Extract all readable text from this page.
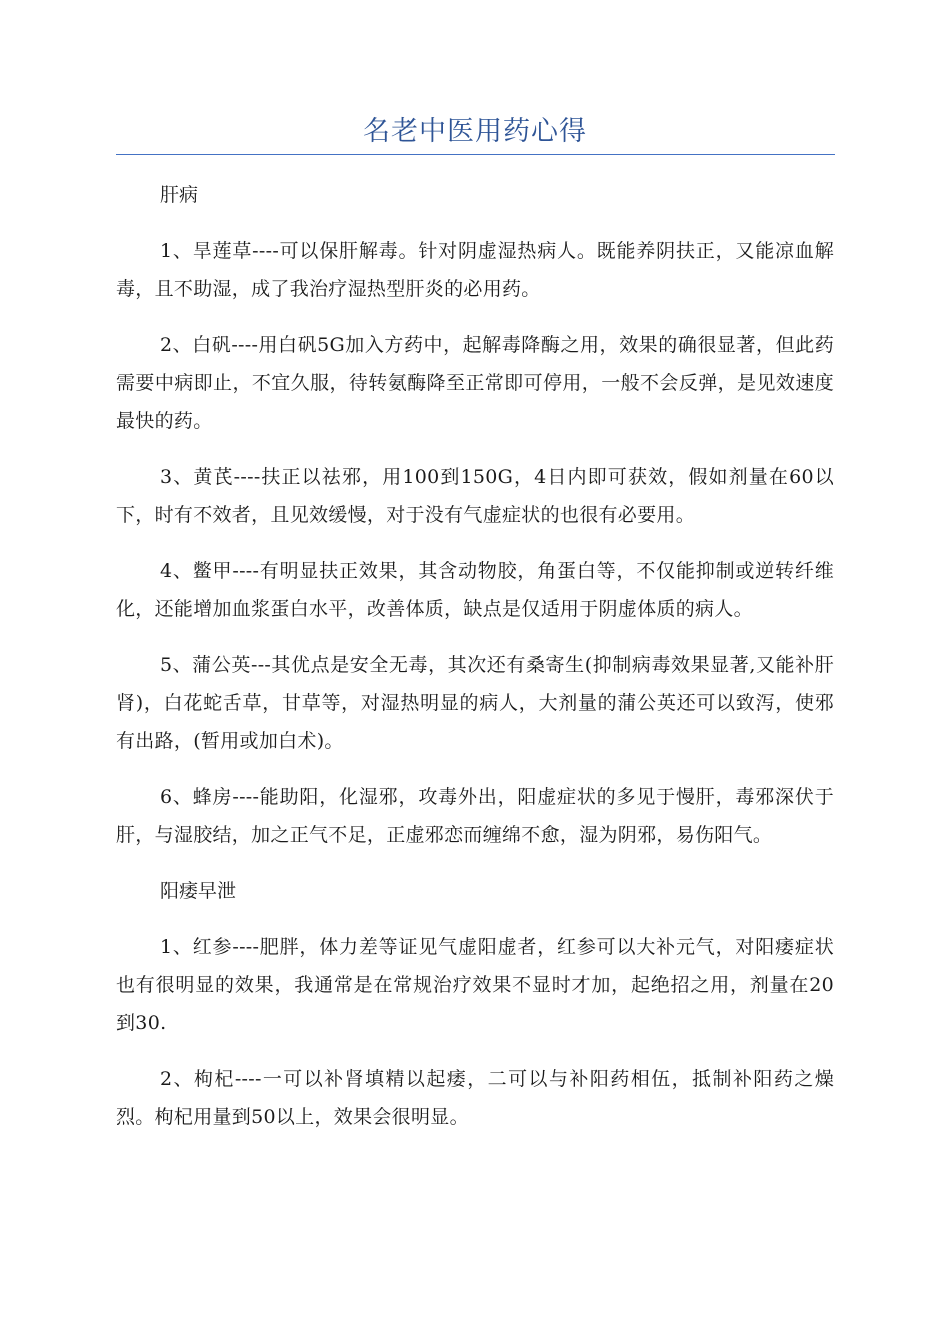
名老中医用药心得

肝病

1、旱莲草----可以保肝解毒。针对阴虚湿热病人。既能养阴扶正，又能凉血解毒，且不助湿，成了我治疗湿热型肝炎的必用药。

2、白矾----用白矾5G加入方药中，起解毒降酶之用，效果的确很显著，但此药需要中病即止，不宜久服，待转氨酶降至正常即可停用，一般不会反弹，是见效速度最快的药。

3、黄芪----扶正以祛邪，用100到150G，4日内即可获效，假如剂量在60以下，时有不效者，且见效缓慢，对于没有气虚症状的也很有必要用。

4、鳖甲----有明显扶正效果，其含动物胶，角蛋白等，不仅能抑制或逆转纤维化，还能增加血浆蛋白水平，改善体质，缺点是仅适用于阴虚体质的病人。

5、蒲公英---其优点是安全无毒，其次还有桑寄生(抑制病毒效果显著,又能补肝肾)，白花蛇舌草，甘草等，对湿热明显的病人，大剂量的蒲公英还可以致泻，使邪有出路，(暂用或加白术)。

6、蜂房----能助阳，化湿邪，攻毒外出，阳虚症状的多见于慢肝，毒邪深伏于肝，与湿胶结，加之正气不足，正虚邪恋而缠绵不愈，湿为阴邪，易伤阳气。

阳痿早泄

1、红参----肥胖，体力差等证见气虚阳虚者，红参可以大补元气，对阳痿症状也有很明显的效果，我通常是在常规治疗效果不显时才加，起绝招之用，剂量在20到30.

2、枸杞----一可以补肾填精以起痿，二可以与补阳药相伍，抵制补阳药之燥烈。枸杞用量到50以上，效果会很明显。
